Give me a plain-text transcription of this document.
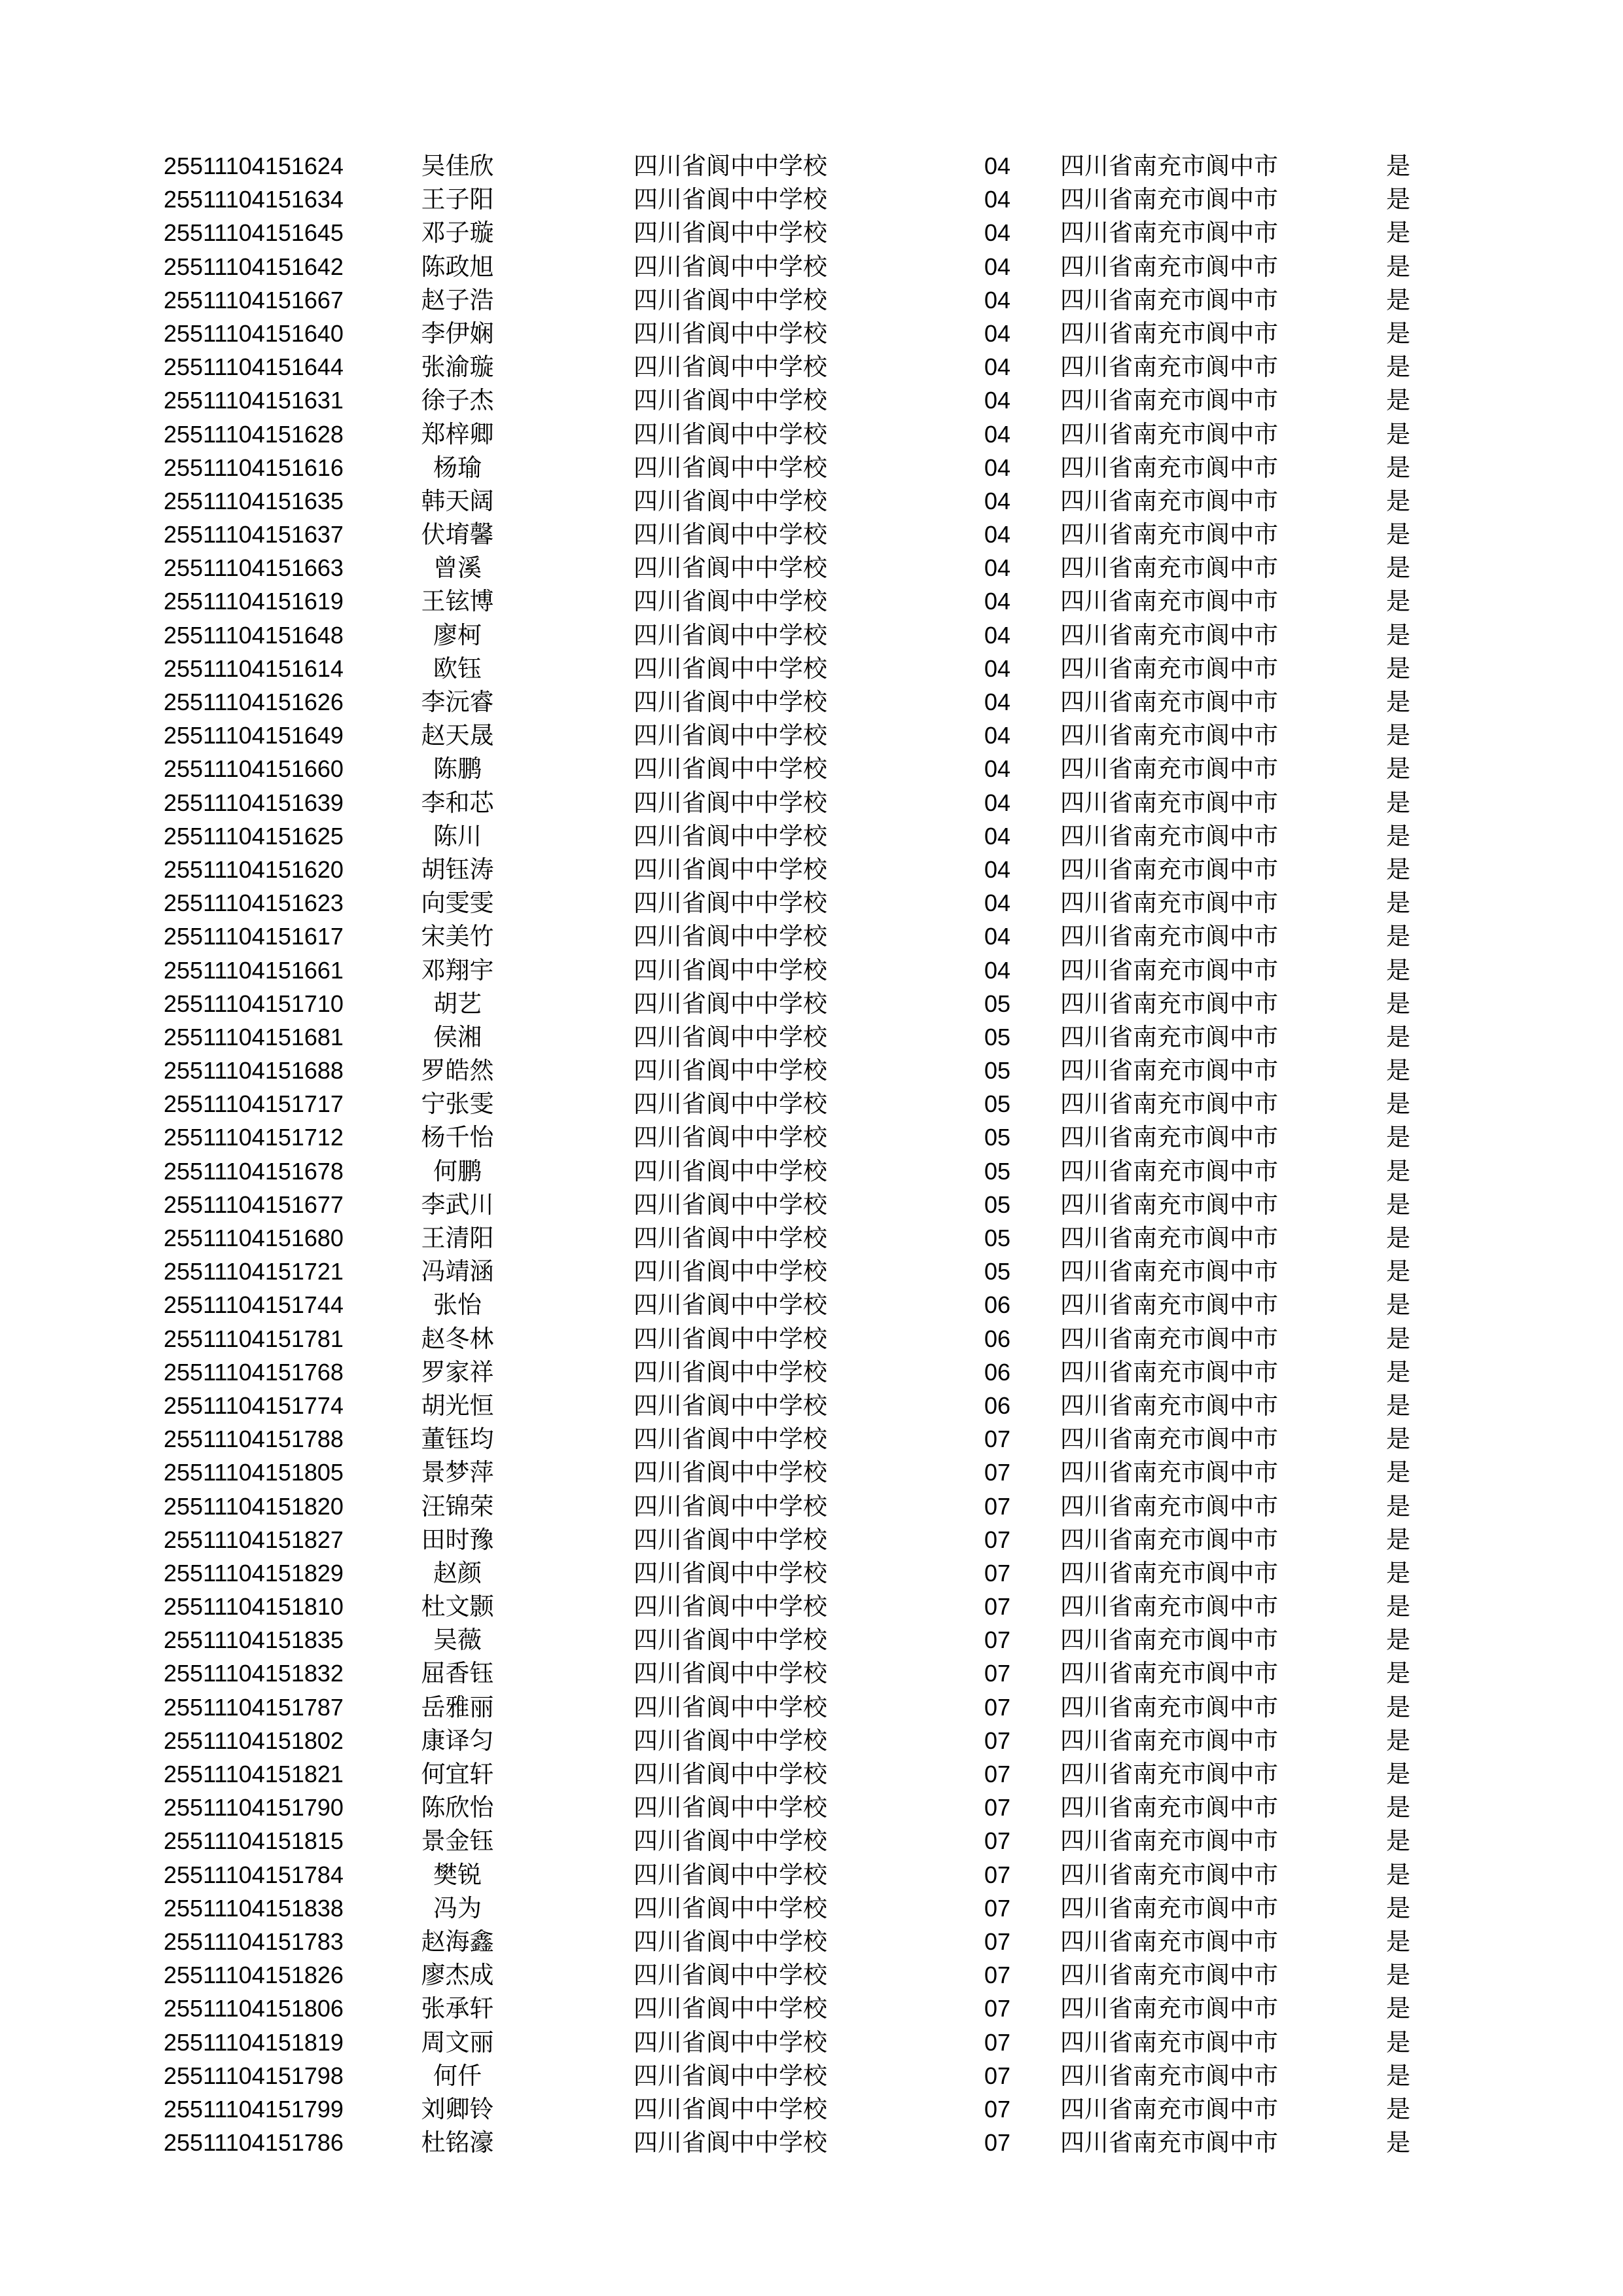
25511104151624	吴佳欣	四川省阆中中学校	04 四川省南充市阆中市	是
25511104151634	王子阳	四川省阆中中学校	04 四川省南充市阆中市	是
25511104151645	邓子璇	四川省阆中中学校	04 四川省南充市阆中市	是
25511104151642	陈政旭	四川省阆中中学校	04 四川省南充市阆中市	是
25511104151667	赵子浩	四川省阆中中学校	04 四川省南充市阆中市	是
25511104151640	李伊娴	四川省阆中中学校	04 四川省南充市阆中市	是
25511104151644	张渝璇	四川省阆中中学校	04 四川省南充市阆中市	是
25511104151631	徐子杰	四川省阆中中学校	04 四川省南充市阆中市	是
25511104151628	郑梓卿	四川省阆中中学校	04 四川省南充市阆中市	是
25511104151616	杨瑜	四川省阆中中学校	04 四川省南充市阆中市	是
25511104151635	韩天阔	四川省阆中中学校	04 四川省南充市阆中市	是
25511104151637	伏堉馨	四川省阆中中学校	04 四川省南充市阆中市	是
25511104151663	曾溪	四川省阆中中学校	04 四川省南充市阆中市	是
25511104151619	王铉博	四川省阆中中学校	04 四川省南充市阆中市	是
25511104151648	廖柯	四川省阆中中学校	04 四川省南充市阆中市	是
25511104151614	欧钰	四川省阆中中学校	04 四川省南充市阆中市	是
25511104151626	李沅睿	四川省阆中中学校	04 四川省南充市阆中市	是
25511104151649	赵天晟	四川省阆中中学校	04 四川省南充市阆中市	是
25511104151660	陈鹏	四川省阆中中学校	04 四川省南充市阆中市	是
25511104151639	李和芯	四川省阆中中学校	04 四川省南充市阆中市	是
25511104151625	陈川	四川省阆中中学校	04 四川省南充市阆中市	是
25511104151620	胡钰涛	四川省阆中中学校	04 四川省南充市阆中市	是
25511104151623	向雯雯	四川省阆中中学校	04 四川省南充市阆中市	是
25511104151617	宋美竹	四川省阆中中学校	04 四川省南充市阆中市	是
25511104151661	邓翔宇	四川省阆中中学校	04 四川省南充市阆中市	是
25511104151710	胡艺	四川省阆中中学校	05 四川省南充市阆中市	是
25511104151681	侯湘	四川省阆中中学校	05 四川省南充市阆中市	是
25511104151688	罗皓然	四川省阆中中学校	05 四川省南充市阆中市	是
25511104151717	宁张雯	四川省阆中中学校	05 四川省南充市阆中市	是
25511104151712	杨千怡	四川省阆中中学校	05 四川省南充市阆中市	是
25511104151678	何鹏	四川省阆中中学校	05 四川省南充市阆中市	是
25511104151677	李武川	四川省阆中中学校	05 四川省南充市阆中市	是
25511104151680	王清阳	四川省阆中中学校	05 四川省南充市阆中市	是
25511104151721	冯靖涵	四川省阆中中学校	05 四川省南充市阆中市	是
25511104151744	张怡	四川省阆中中学校	06 四川省南充市阆中市	是
25511104151781	赵冬林	四川省阆中中学校	06 四川省南充市阆中市	是
25511104151768	罗家祥	四川省阆中中学校	06 四川省南充市阆中市	是
25511104151774	胡光恒	四川省阆中中学校	06 四川省南充市阆中市	是
25511104151788	董钰均	四川省阆中中学校	07 四川省南充市阆中市	是
25511104151805	景梦萍	四川省阆中中学校	07 四川省南充市阆中市	是
25511104151820	汪锦荣	四川省阆中中学校	07 四川省南充市阆中市	是
25511104151827	田时豫	四川省阆中中学校	07 四川省南充市阆中市	是
25511104151829	赵颜	四川省阆中中学校	07 四川省南充市阆中市	是
25511104151810	杜文颢	四川省阆中中学校	07 四川省南充市阆中市	是
25511104151835	吴薇	四川省阆中中学校	07 四川省南充市阆中市	是
25511104151832	屈香钰	四川省阆中中学校	07 四川省南充市阆中市	是
25511104151787	岳雅丽	四川省阆中中学校	07 四川省南充市阆中市	是
25511104151802	康译匀	四川省阆中中学校	07 四川省南充市阆中市	是
25511104151821	何宜轩	四川省阆中中学校	07 四川省南充市阆中市	是
25511104151790	陈欣怡	四川省阆中中学校	07 四川省南充市阆中市	是
25511104151815	景金钰	四川省阆中中学校	07 四川省南充市阆中市	是
25511104151784	樊锐	四川省阆中中学校	07 四川省南充市阆中市	是
25511104151838	冯为	四川省阆中中学校	07 四川省南充市阆中市	是
25511104151783	赵海鑫	四川省阆中中学校	07 四川省南充市阆中市	是
25511104151826	廖杰成	四川省阆中中学校	07 四川省南充市阆中市	是
25511104151806	张承轩	四川省阆中中学校	07 四川省南充市阆中市	是
25511104151819	周文丽	四川省阆中中学校	07 四川省南充市阆中市	是
25511104151798	何仟	四川省阆中中学校	07 四川省南充市阆中市	是
25511104151799	刘卿铃	四川省阆中中学校	07 四川省南充市阆中市	是
25511104151786	杜铭濠	四川省阆中中学校	07 四川省南充市阆中市	是
